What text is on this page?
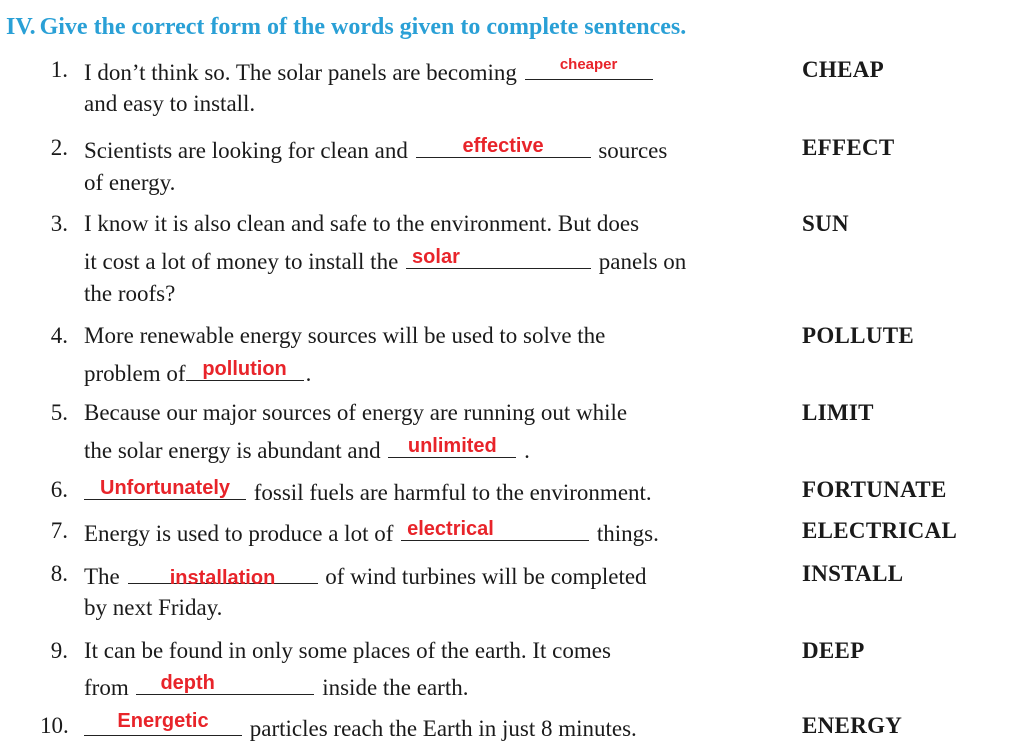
IV. Give the correct form of the words given to complete sentences.
1. I don’t think so. The solar panels are becoming	cheaper
and easy to install.
CHEAP
2. Scientists are looking for clean and	effective	sources
of energy.
EFFECT
3. I know it is also clean and safe to the environment. But does
it cost a lot of money to install the solar	panels on
the roofs?
SUN
4. More renewable energy sources will be used to solve the
problem of pollution .
POLLUTE
5. Because our major sources of energy are running out while
the solar energy is abundant and	unlimited	.
LIMIT
6.	Unfortunately	fossil fuels are harmful to the environment.	FORTUNATE
7. Energy is used to produce a lot of electrical	things.	ELECTRICAL
8. The	installation	of wind turbines will be completed
by next Friday.
INSTALL
9. It can be found in only some places of the earth. It comes
from depth	inside the earth.
DEEP
10.	Energetic	particles reach the Earth in just 8 minutes.	ENERGY
